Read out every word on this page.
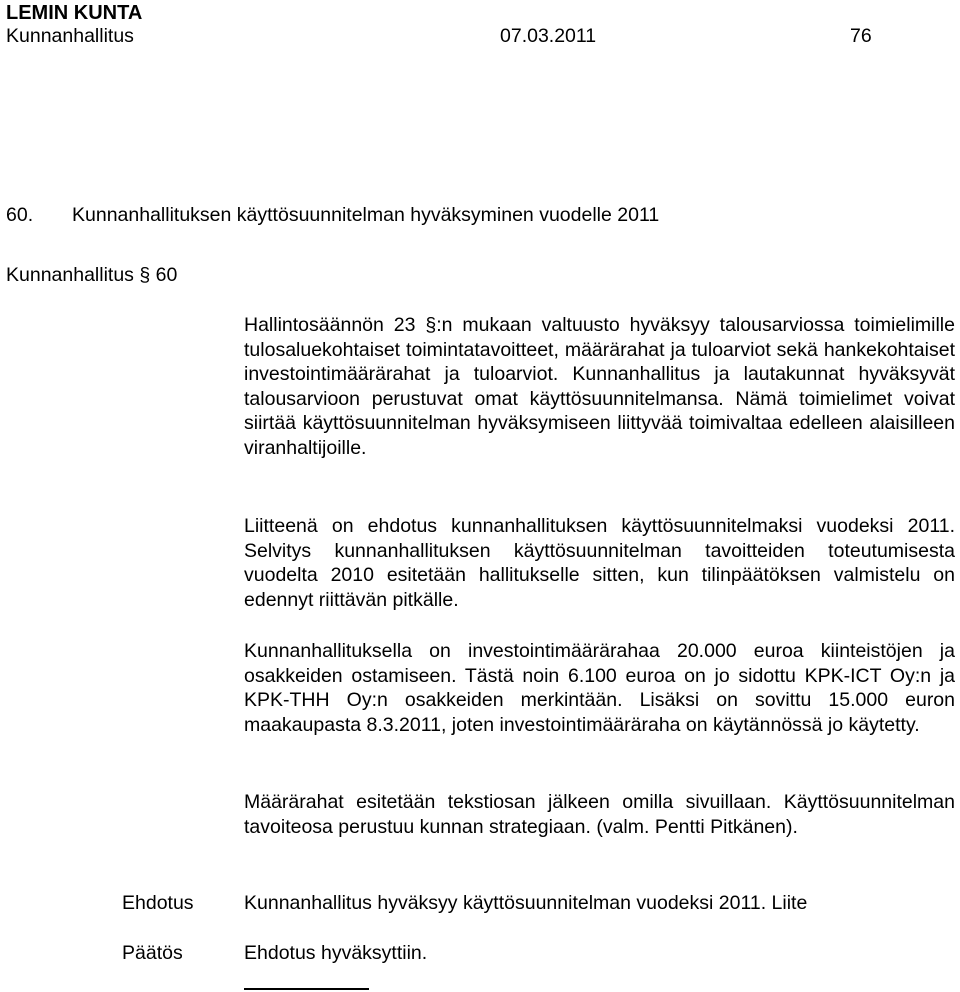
LEMIN KUNTA
Kunnanhallitus	07.03.2011	76
60. Kunnanhallituksen käyttösuunnitelman hyväksyminen vuodelle 2011
Kunnanhallitus § 60
Hallintosäännön 23 §:n mukaan valtuusto hyväksyy talousarviossa toimielimille tulosaluekohtaiset toimintatavoitteet, määrärahat ja tuloarviot sekä hankekohtaiset investointimäärärahat ja tuloarviot. Kunnanhallitus ja lautakunnat hyväksyvät talousarvioon perustuvat omat käyttösuunnitelmansa. Nämä toimielimet voivat siirtää käyttösuunnitelman hyväksymiseen liittyvää toimivaltaa edelleen alaisilleen viranhaltijoille.
Liitteenä on ehdotus kunnanhallituksen käyttösuunnitelmaksi vuodeksi 2011. Selvitys kunnanhallituksen käyttösuunnitelman tavoitteiden toteutumisesta vuodelta 2010 esitetään hallitukselle sitten, kun tilinpäätöksen valmistelu on edennyt riittävän pitkälle.
Kunnanhallituksella on investointimäärärahaa 20.000 euroa kiinteistöjen ja osakkeiden ostamiseen. Tästä noin 6.100 euroa on jo sidottu KPK-ICT Oy:n ja KPK-THH Oy:n osakkeiden merkintään. Lisäksi on sovittu 15.000 euron maakaupasta 8.3.2011, joten investointimääräraha on käytännössä jo käytetty.
Määrärahat esitetään tekstiosan jälkeen omilla sivuillaan. Käyttösuunnitelman tavoiteosa perustuu kunnan strategiaan. (valm. Pentti Pitkänen).
Ehdotus	Kunnanhallitus hyväksyy käyttösuunnitelman vuodeksi 2011. Liite
Päätös	Ehdotus hyväksyttiin.
